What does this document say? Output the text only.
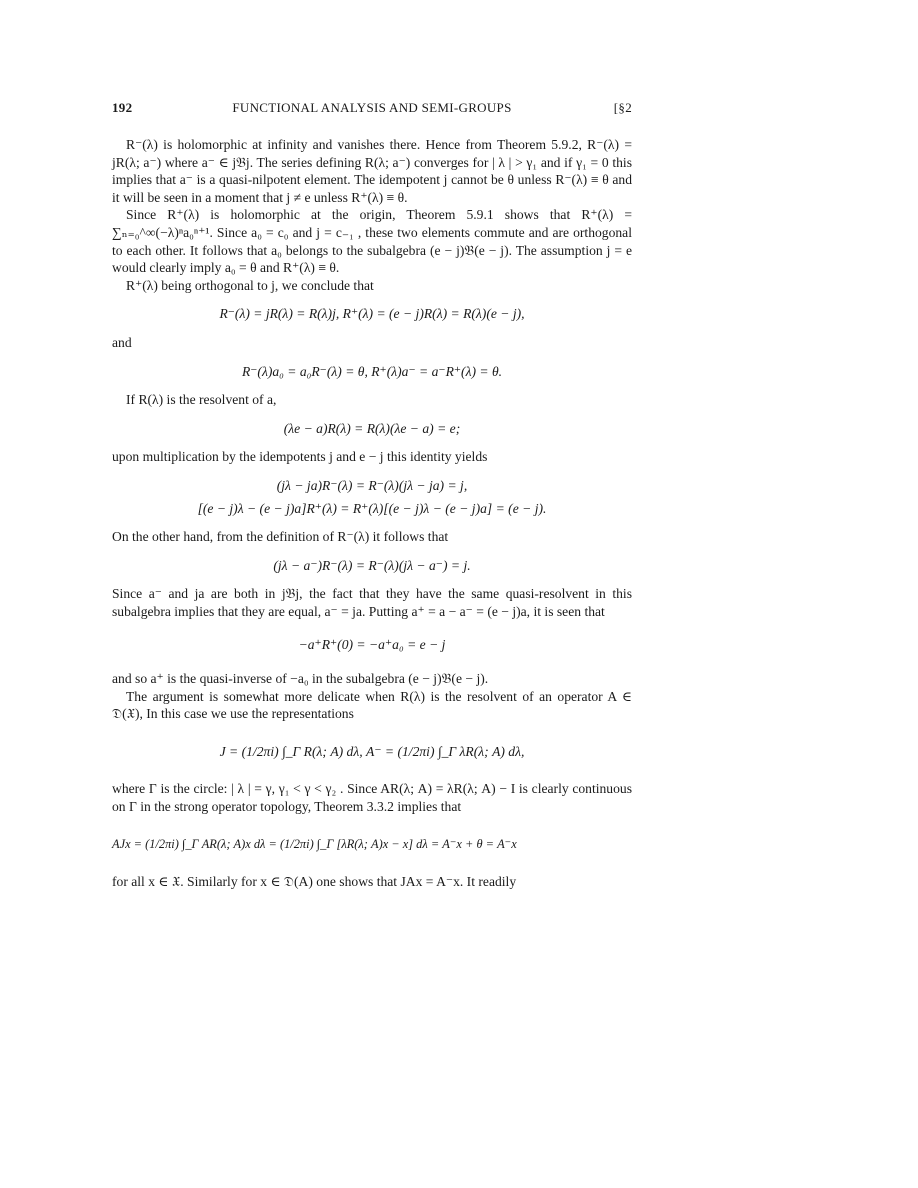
192	FUNCTIONAL ANALYSIS AND SEMI-GROUPS	[§2

R⁻(λ) is holomorphic at infinity and vanishes there. Hence from Theorem 5.9.2, R⁻(λ) = jR(λ; a⁻) where a⁻ ∈ j𝔅j. The series defining R(λ; a⁻) converges for | λ | > γ₁ and if γ₁ = 0 this implies that a⁻ is a quasi-nilpotent element. The idempotent j cannot be θ unless R⁻(λ) ≡ θ and it will be seen in a moment that j ≠ e unless R⁺(λ) ≡ θ.

Since R⁺(λ) is holomorphic at the origin, Theorem 5.9.1 shows that R⁺(λ) = ∑ₙ₌₀^∞(−λ)ⁿa₀ⁿ⁺¹. Since a₀ = c₀ and j = c₋₁ , these two elements commute and are orthogonal to each other. It follows that a₀ belongs to the subalgebra (e − j)𝔅(e − j). The assumption j = e would clearly imply a₀ = θ and R⁺(λ) ≡ θ.

R⁺(λ) being orthogonal to j, we conclude that

R⁻(λ) = jR(λ) = R(λ)j, R⁺(λ) = (e − j)R(λ) = R(λ)(e − j),

and

R⁻(λ)a₀ = a₀R⁻(λ) = θ, R⁺(λ)a⁻ = a⁻R⁺(λ) = θ.

If R(λ) is the resolvent of a,

(λe − a)R(λ) = R(λ)(λe − a) = e;

upon multiplication by the idempotents j and e − j this identity yields

(jλ − ja)R⁻(λ) = R⁻(λ)(jλ − ja) = j,
[(e − j)λ − (e − j)a]R⁺(λ) = R⁺(λ)[(e − j)λ − (e − j)a] = (e − j).

On the other hand, from the definition of R⁻(λ) it follows that

(jλ − a⁻)R⁻(λ) = R⁻(λ)(jλ − a⁻) = j.

Since a⁻ and ja are both in j𝔅j, the fact that they have the same quasi-resolvent in this subalgebra implies that they are equal, a⁻ = ja. Putting a⁺ = a − a⁻ = (e − j)a, it is seen that

−a⁺R⁺(0) = −a⁺a₀ = e − j

and so a⁺ is the quasi-inverse of −a₀ in the subalgebra (e − j)𝔅(e − j).

The argument is somewhat more delicate when R(λ) is the resolvent of an operator A ∈ 𝔇(𝔛), In this case we use the representations

J = (1/2πi) ∫_Γ R(λ; A) dλ, A⁻ = (1/2πi) ∫_Γ λR(λ; A) dλ,

where Γ is the circle: | λ | = γ, γ₁ < γ < γ₂ . Since AR(λ; A) = λR(λ; A) − I is clearly continuous on Γ in the strong operator topology, Theorem 3.3.2 implies that

AJx = (1/2πi) ∫_Γ AR(λ; A)x dλ = (1/2πi) ∫_Γ [λR(λ; A)x − x] dλ = A⁻x + θ = A⁻x

for all x ∈ 𝔛. Similarly for x ∈ 𝔇(A) one shows that JAx = A⁻x. It readily
